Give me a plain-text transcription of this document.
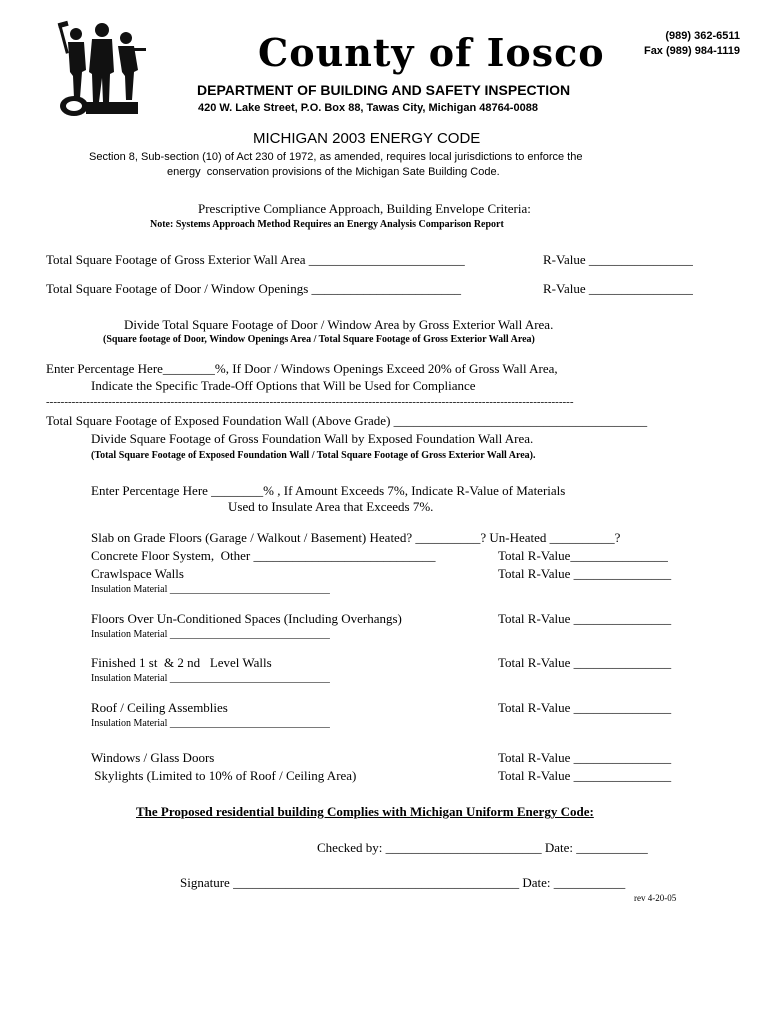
(989) 362-6511
Fax (989) 984-1119
County of Iosco
DEPARTMENT OF BUILDING AND SAFETY INSPECTION
420 W. Lake Street, P.O. Box 88, Tawas City, Michigan 48764-0088
MICHIGAN 2003 ENERGY CODE
Section 8, Sub-section (10) of Act 230 of 1972, as amended, requires local jurisdictions to enforce the
energy  conservation provisions of the Michigan Sate Building Code.
Prescriptive Compliance Approach, Building Envelope Criteria:
Note: Systems Approach Method Requires an Energy Analysis Comparison Report
Total Square Footage of Gross Exterior Wall Area ________________________	R-Value ________________
Total Square Footage of Door / Window Openings _______________________	R-Value ________________
Divide Total Square Footage of Door / Window Area by Gross Exterior Wall Area.
(Square footage of Door, Window Openings Area / Total Square Footage of Gross Exterior Wall Area)
Enter Percentage Here________%, If Door / Windows Openings Exceed 20% of Gross Wall Area,
Indicate the Specific Trade-Off Options that Will be Used for Compliance
------------------------------------------------------------------------------------------------------------------------------------------------
Total Square Footage of Exposed Foundation Wall (Above Grade) _______________________________________
Divide Square Footage of Gross Foundation Wall by Exposed Foundation Wall Area.
(Total Square Footage of Exposed Foundation Wall / Total Square Footage of Gross Exterior Wall Area).
Enter Percentage Here ________% , If Amount Exceeds 7%, Indicate R-Value of Materials
Used to Insulate Area that Exceeds 7%.
Slab on Grade Floors (Garage / Walkout / Basement) Heated? __________? Un-Heated __________?
Concrete Floor System,  Other ____________________________	Total R-Value_______________
Crawlspace Walls	Total R-Value _______________
Insulation Material ________________________________
Floors Over Un-Conditioned Spaces (Including Overhangs)	Total R-Value _______________
Insulation Material ________________________________
Finished 1 st  & 2 nd   Level Walls	Total R-Value _______________
Insulation Material ________________________________
Roof / Ceiling Assemblies	Total R-Value _______________
Insulation Material ________________________________
Windows / Glass Doors	Total R-Value _______________
Skylights (Limited to 10% of Roof / Ceiling Area)	Total R-Value _______________
The Proposed residential building Complies with Michigan Uniform Energy Code:
Checked by: ________________________ Date: ___________
Signature ____________________________________________ Date: ___________
rev 4-20-05
